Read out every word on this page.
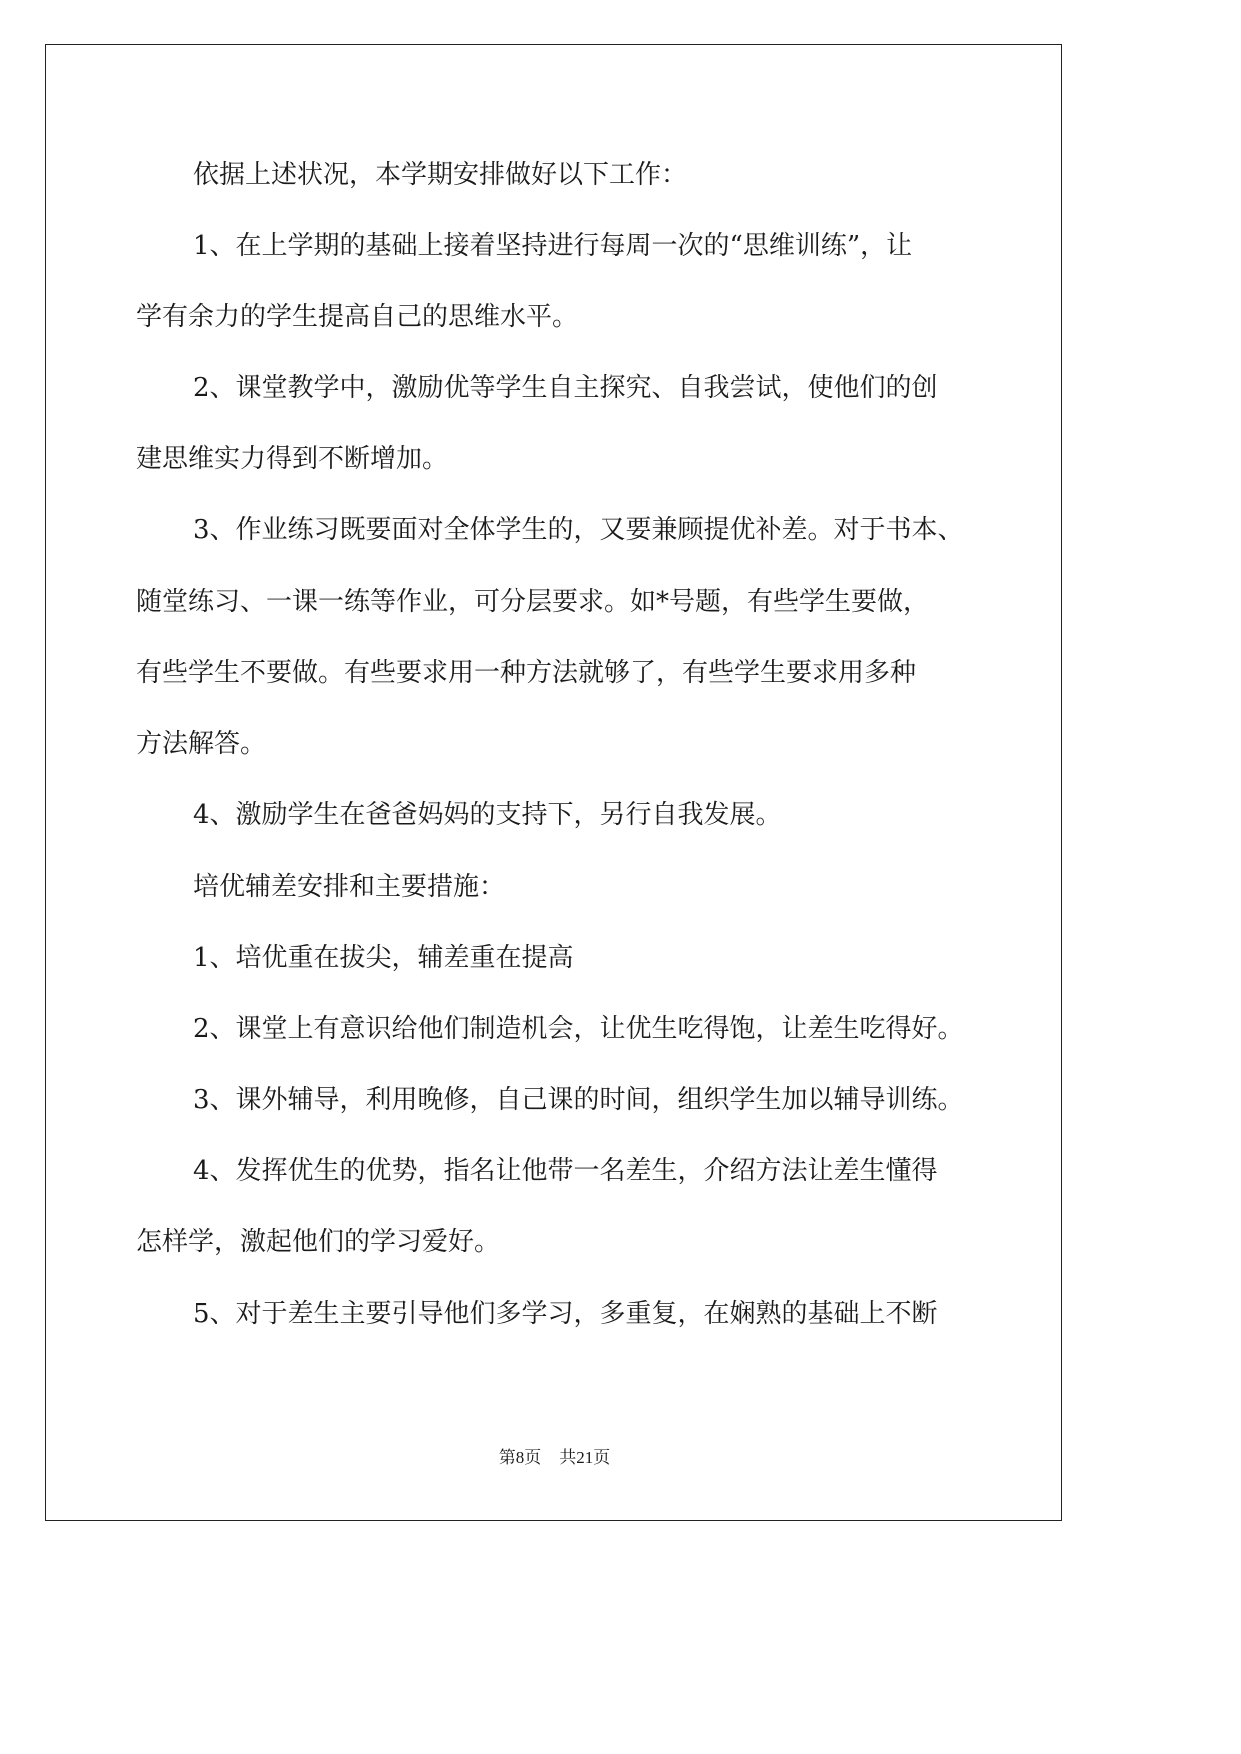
依据上述状况，本学期安排做好以下工作：

1、在上学期的基础上接着坚持进行每周一次的“思维训练”，让

学有余力的学生提高自己的思维水平。

2、课堂教学中，激励优等学生自主探究、自我尝试，使他们的创

建思维实力得到不断增加。

3、作业练习既要面对全体学生的，又要兼顾提优补差。对于书本、

随堂练习、一课一练等作业，可分层要求。如*号题，有些学生要做，

有些学生不要做。有些要求用一种方法就够了，有些学生要求用多种

方法解答。

4、激励学生在爸爸妈妈的支持下，另行自我发展。

培优辅差安排和主要措施：

1、培优重在拔尖，辅差重在提高

2、课堂上有意识给他们制造机会，让优生吃得饱，让差生吃得好。

3、课外辅导，利用晚修，自己课的时间，组织学生加以辅导训练。

4、发挥优生的优势，指名让他带一名差生，介绍方法让差生懂得

怎样学，激起他们的学习爱好。

5、对于差生主要引导他们多学习，多重复，在娴熟的基础上不断

第8页 共21页
